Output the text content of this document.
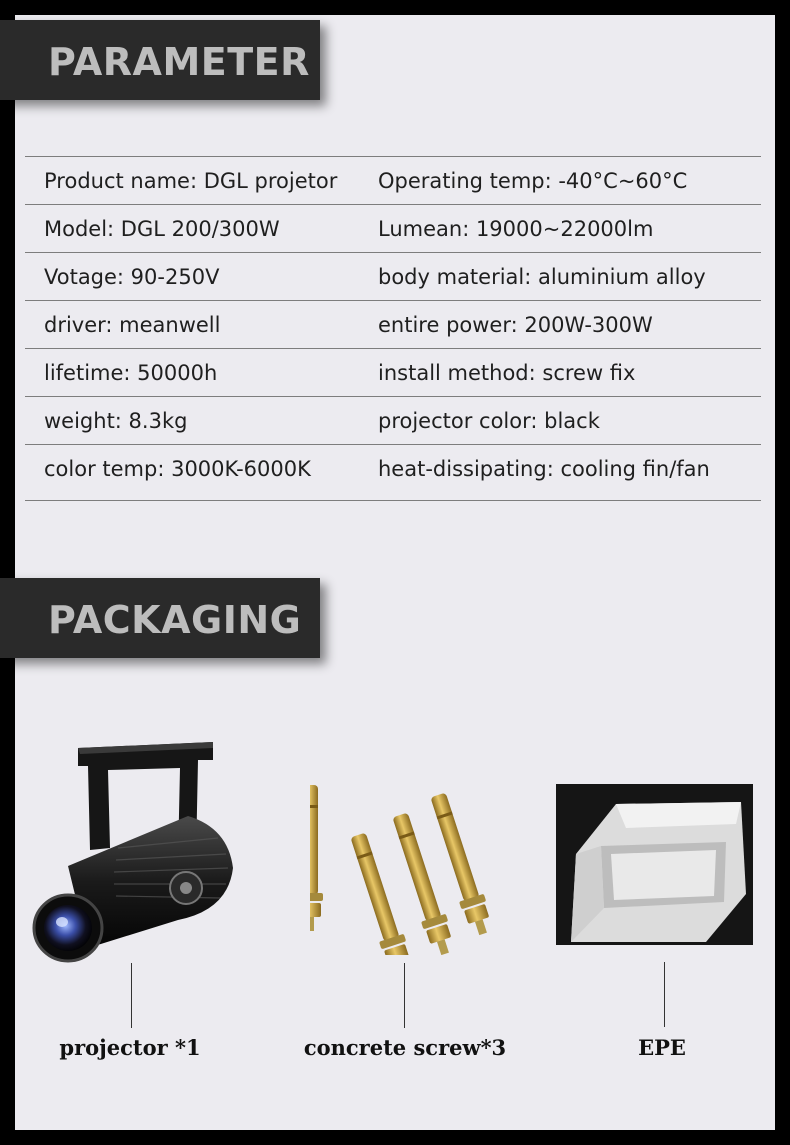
PARAMETER
Product name: DGL projetor	Operating temp: -40°C~60°C
Model: DGL 200/300W	Lumean: 19000~22000lm
Votage: 90-250V	body material: aluminium alloy
driver: meanwell	entire power: 200W-300W
lifetime: 50000h	install method: screw fix
weight: 8.3kg	projector color: black
color temp: 3000K-6000K	heat-dissipating: cooling fin/fan
PACKAGING
projector *1	concrete screw*3	EPE
